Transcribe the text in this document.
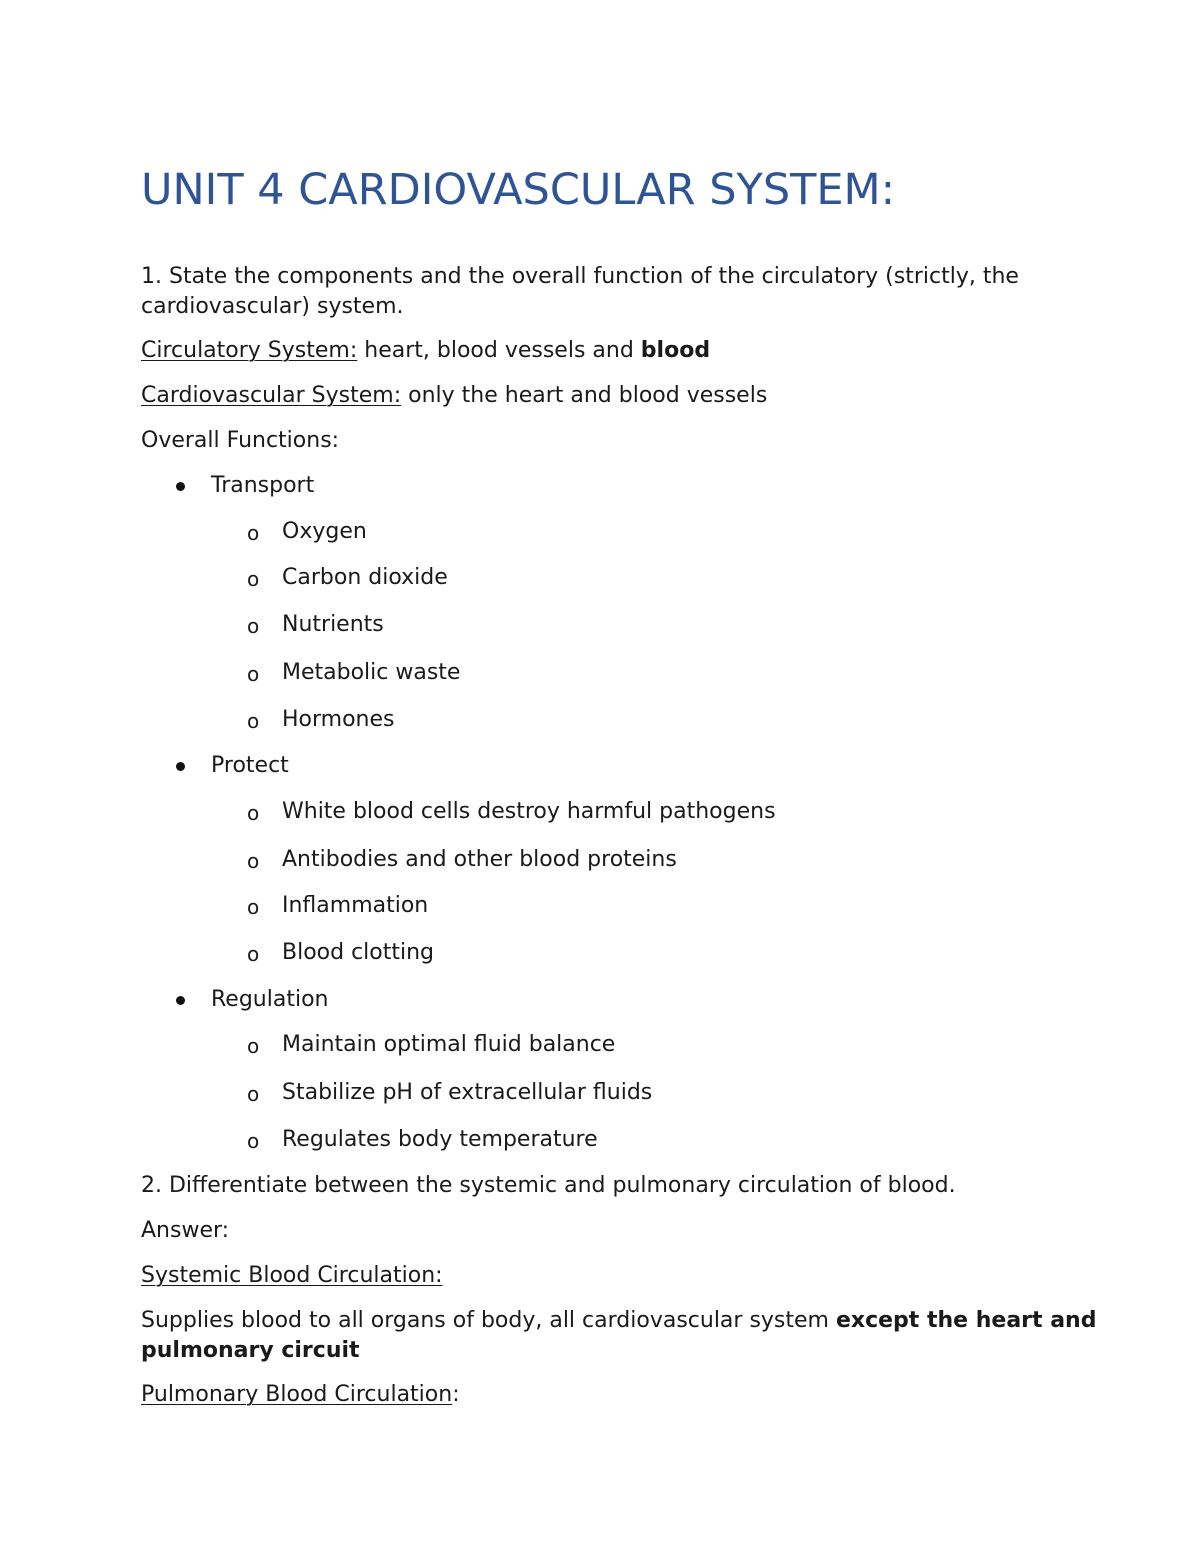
UNIT 4 CARDIOVASCULAR SYSTEM:
1. State the components and the overall function of the circulatory (strictly, the
cardiovascular) system.
Circulatory System: heart, blood vessels and blood
Cardiovascular System: only the heart and blood vessels
Overall Functions:
Transport
o Oxygen
o Carbon dioxide
o Nutrients
o Metabolic waste
o Hormones
Protect
o White blood cells destroy harmful pathogens
o Antibodies and other blood proteins
o Inflammation
o Blood clotting
Regulation
o Maintain optimal fluid balance
o Stabilize pH of extracellular fluids
o Regulates body temperature
2. Differentiate between the systemic and pulmonary circulation of blood.
Answer:
Systemic Blood Circulation:
Supplies blood to all organs of body, all cardiovascular system except the heart and
pulmonary circuit
Pulmonary Blood Circulation:
